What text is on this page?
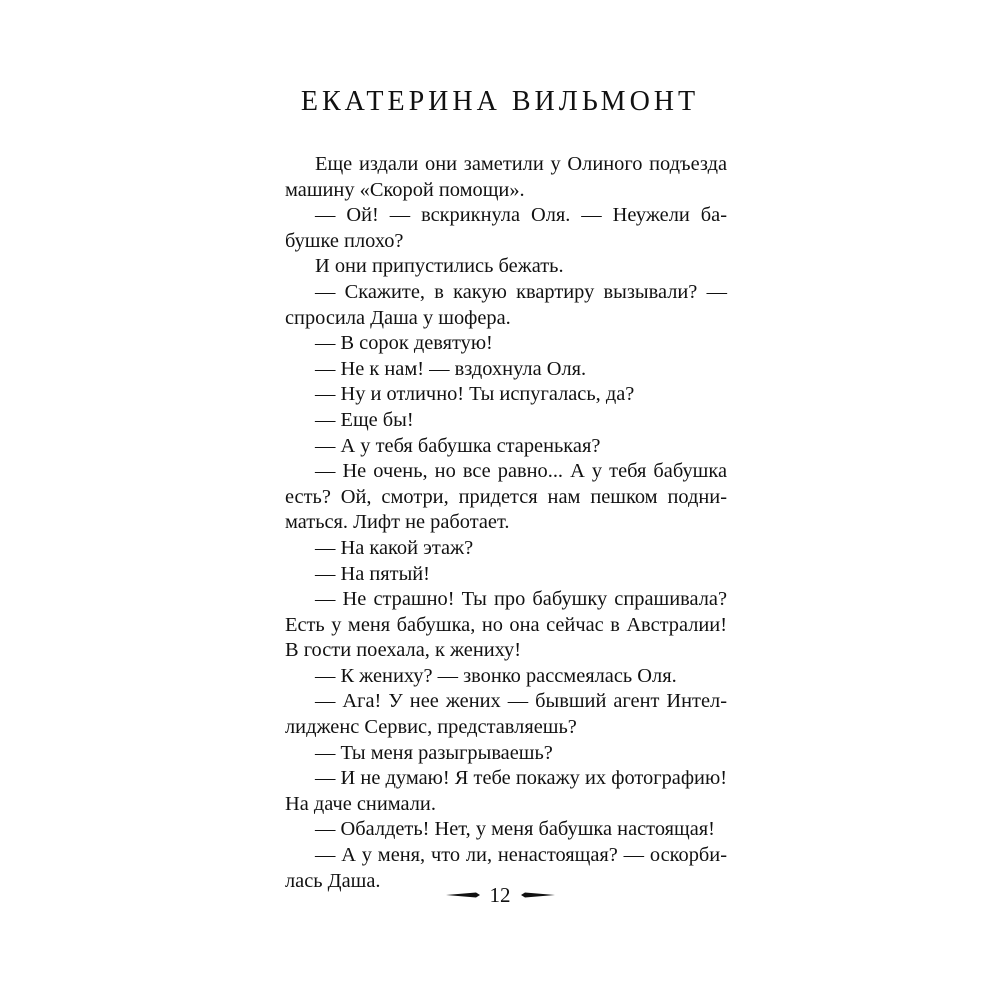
ЕКАТЕРИНА ВИЛЬМОНТ
Еще издали они заметили у Олиного подъезда
машину «Скорой помощи».
— Ой! — вскрикнула Оля. — Неужели ба-
бушке плохо?
И они припустились бежать.
— Скажите, в какую квартиру вызывали? —
спросила Даша у шофера.
— В сорок девятую!
— Не к нам! — вздохнула Оля.
— Ну и отлично! Ты испугалась, да?
— Еще бы!
— А у тебя бабушка старенькая?
— Не очень, но все равно... А у тебя бабушка
есть? Ой, смотри, придется нам пешком подни-
маться. Лифт не работает.
— На какой этаж?
— На пятый!
— Не страшно! Ты про бабушку спрашивала?
Есть у меня бабушка, но она сейчас в Австралии!
В гости поехала, к жениху!
— К жениху? — звонко рассмеялась Оля.
— Ага! У нее жених — бывший агент Интел-
лидженс Сервис, представляешь?
— Ты меня разыгрываешь?
— И не думаю! Я тебе покажу их фотографию!
На даче снимали.
— Обалдеть! Нет, у меня бабушка настоящая!
— А у меня, что ли, ненастоящая? — оскорби-
лась Даша.
12
